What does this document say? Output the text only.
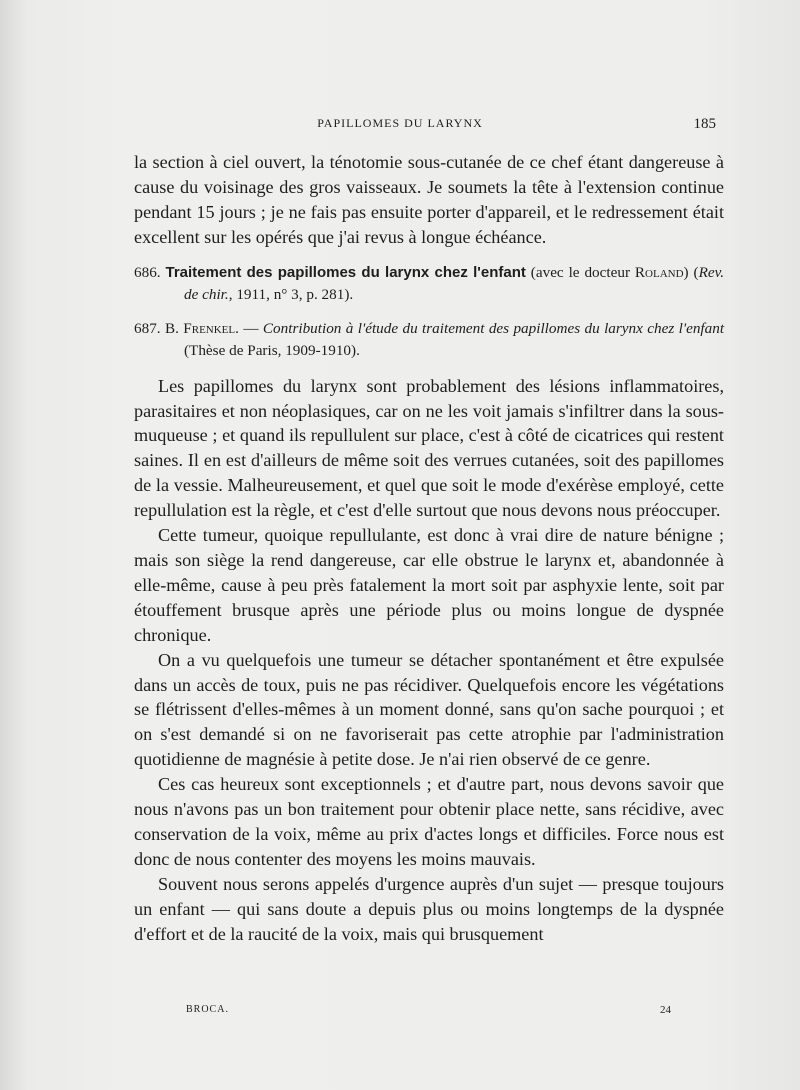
PAPILLOMES DU LARYNX	185

la section à ciel ouvert, la ténotomie sous-cutanée de ce chef étant dangereuse à cause du voisinage des gros vaisseaux. Je soumets la tête à l'extension continue pendant 15 jours ; je ne fais pas ensuite porter d'appareil, et le redressement était excellent sur les opérés que j'ai revus à longue échéance.

686. Traitement des papillomes du larynx chez l'enfant (avec le docteur Roland) (Rev. de chir., 1911, n° 3, p. 281).

687. B. Frenkel. — Contribution à l'étude du traitement des papillomes du larynx chez l'enfant (Thèse de Paris, 1909-1910).

Les papillomes du larynx sont probablement des lésions inflammatoires, parasitaires et non néoplasiques, car on ne les voit jamais s'infiltrer dans la sous-muqueuse ; et quand ils repullulent sur place, c'est à côté de cicatrices qui restent saines. Il en est d'ailleurs de même soit des verrues cutanées, soit des papillomes de la vessie. Malheureusement, et quel que soit le mode d'exérèse employé, cette repullulation est la règle, et c'est d'elle surtout que nous devons nous préoccuper.

Cette tumeur, quoique repullulante, est donc à vrai dire de nature bénigne ; mais son siège la rend dangereuse, car elle obstrue le larynx et, abandonnée à elle-même, cause à peu près fatalement la mort soit par asphyxie lente, soit par étouffement brusque après une période plus ou moins longue de dyspnée chronique.

On a vu quelquefois une tumeur se détacher spontanément et être expulsée dans un accès de toux, puis ne pas récidiver. Quelquefois encore les végétations se flétrissent d'elles-mêmes à un moment donné, sans qu'on sache pourquoi ; et on s'est demandé si on ne favoriserait pas cette atrophie par l'administration quotidienne de magnésie à petite dose. Je n'ai rien observé de ce genre.

Ces cas heureux sont exceptionnels ; et d'autre part, nous devons savoir que nous n'avons pas un bon traitement pour obtenir place nette, sans récidive, avec conservation de la voix, même au prix d'actes longs et difficiles. Force nous est donc de nous contenter des moyens les moins mauvais.

Souvent nous serons appelés d'urgence auprès d'un sujet — presque toujours un enfant — qui sans doute a depuis plus ou moins longtemps de la dyspnée d'effort et de la raucité de la voix, mais qui brusquement

BROCA.	24
